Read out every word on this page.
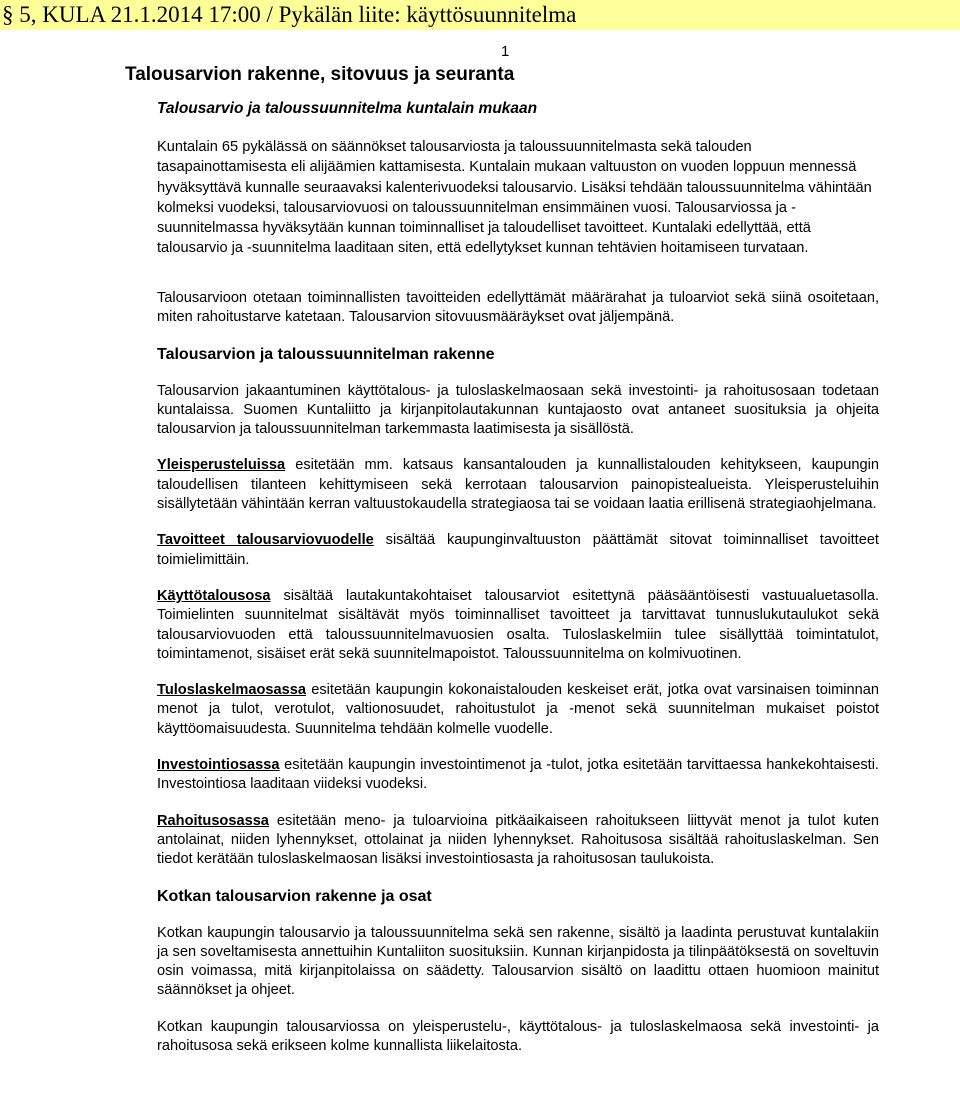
§ 5, KULA 21.1.2014 17:00 / Pykälän liite: käyttösuunnitelma
1
Talousarvion rakenne, sitovuus ja seuranta
Talousarvio ja taloussuunnitelma kuntalain mukaan

Kuntalain 65 pykälässä on säännökset talousarviosta ja taloussuunnitelmasta sekä talouden tasapainottamisesta eli alijäämien kattamisesta. Kuntalain mukaan valtuuston on vuoden loppuun mennessä hyväksyttävä kunnalle seuraavaksi kalenterivuodeksi talousarvio. Lisäksi tehdään taloussuunnitelma vähintään kolmeksi vuodeksi, talousarviovuosi on taloussuunnitelman ensimmäinen vuosi. Talousarviossa ja -suunnitelmassa hyväksytään kunnan toiminnalliset ja taloudelliset tavoitteet. Kuntalaki edellyttää, että talousarvio ja -suunnitelma laaditaan siten, että edellytykset kunnan tehtävien hoitamiseen turvataan.

Talousarvioon otetaan toiminnallisten tavoitteiden edellyttämät määrärahat ja tuloarviot sekä siinä osoitetaan, miten rahoitustarve katetaan. Talousarvion sitovuusmääräykset ovat jäljempänä.

Talousarvion ja taloussuunnitelman rakenne

Talousarvion jakaantuminen käyttötalous- ja tuloslaskelmaosaan sekä investointi- ja rahoitusosaan todetaan kuntalaissa. Suomen Kuntaliitto ja kirjanpitolautakunnan kuntajaosto ovat antaneet suosituksia ja ohjeita talousarvion ja taloussuunnitelman tarkemmasta laatimisesta ja sisällöstä.

Yleisperusteluissa esitetään mm. katsaus kansantalouden ja kunnallistalouden kehitykseen, kaupungin taloudellisen tilanteen kehittymiseen sekä kerrotaan talousarvion painopistealueista. Yleisperusteluihin sisällytetään vähintään kerran valtuustokaudella strategiaosa tai se voidaan laatia erillisenä strategiaohjelmana.

Tavoitteet talousarviovuodelle sisältää kaupunginvaltuuston päättämät sitovat toiminnalliset tavoitteet toimielimittäin.

Käyttötalousosa sisältää lautakuntakohtaiset talousarviot esitettynä pääsääntöisesti vastuualuetasolla. Toimielinten suunnitelmat sisältävät myös toiminnalliset tavoitteet ja tarvittavat tunnuslukutaulukot sekä talousarviovuoden että taloussuunnitelmavuosien osalta. Tuloslaskelmiin tulee sisällyttää toimintatulot, toimintamenot, sisäiset erät sekä suunnitelmapoistot. Taloussuunnitelma on kolmivuotinen.

Tuloslaskelmaosassa esitetään kaupungin kokonaistalouden keskeiset erät, jotka ovat varsinaisen toiminnan menot ja tulot, verotulot, valtionosuudet, rahoitustulot ja -menot sekä suunnitelman mukaiset poistot käyttöomaisuudesta. Suunnitelma tehdään kolmelle vuodelle.

Investointiosassa esitetään kaupungin investointimenot ja -tulot, jotka esitetään tarvittaessa hankekohtaisesti. Investointiosa laaditaan viideksi vuodeksi.

Rahoitusosassa esitetään meno- ja tuloarvioina pitkäaikaiseen rahoitukseen liittyvät menot ja tulot kuten antolainat, niiden lyhennykset, ottolainat ja niiden lyhennykset. Rahoitusosa sisältää rahoituslaskelman. Sen tiedot kerätään tuloslaskelmaosan lisäksi investointiosasta ja rahoitusosan taulukoista.

Kotkan talousarvion rakenne ja osat

Kotkan kaupungin talousarvio ja taloussuunnitelma sekä sen rakenne, sisältö ja laadinta perustuvat kuntalakiin ja sen soveltamisesta annettuihin Kuntaliiton suosituksiin. Kunnan kirjanpidosta ja tilinpäätöksestä on soveltuvin osin voimassa, mitä kirjanpitolaissa on säädetty. Talousarvion sisältö on laadittu ottaen huomioon mainitut säännökset ja ohjeet.

Kotkan kaupungin talousarviossa on yleisperustelu-, käyttötalous- ja tuloslaskelmaosa sekä investointi- ja rahoitusosa sekä erikseen kolme kunnallista liikelaitosta.
